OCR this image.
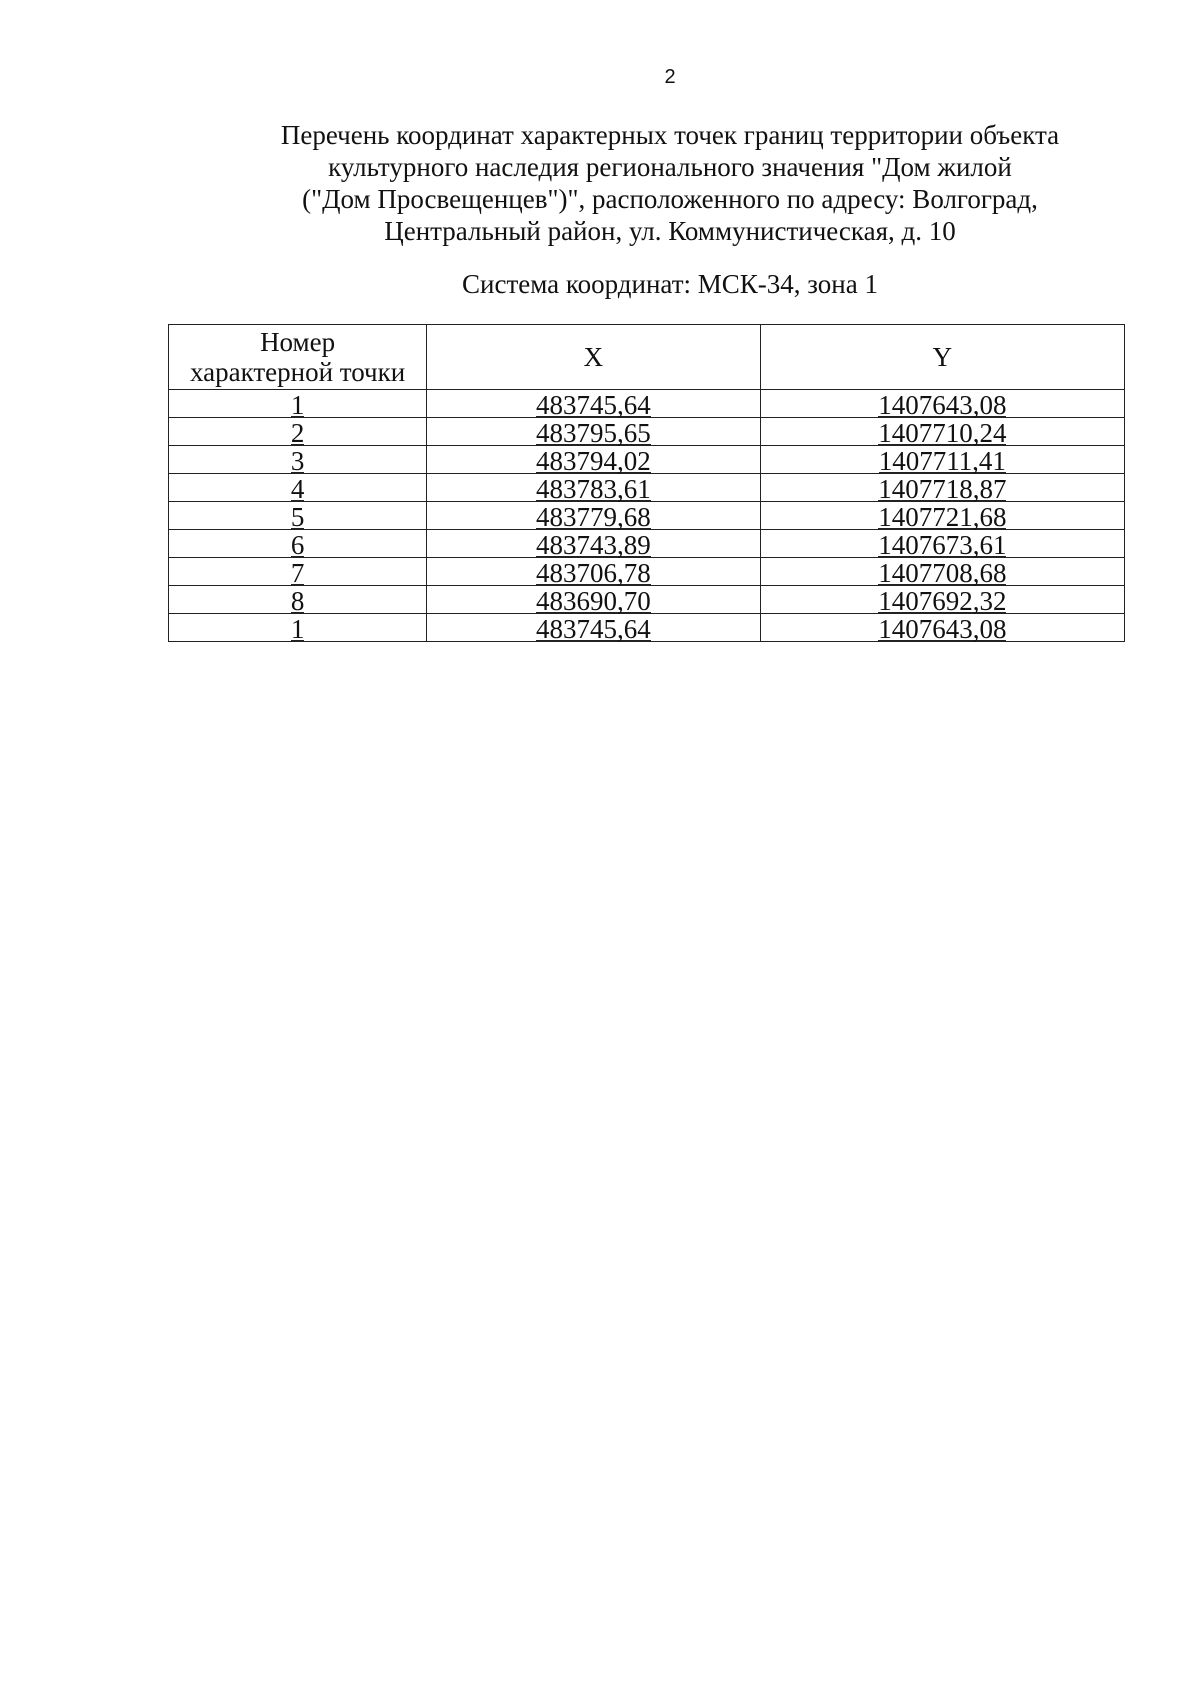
2
Перечень координат характерных точек границ территории объекта
культурного наследия регионального значения "Дом жилой
("Дом Просвещенцев")", расположенного по адресу: Волгоград,
Центральный район, ул. Коммунистическая, д. 10
Система координат: МСК-34, зона 1
Номер
характерной точки	X	Y
1	483745,64	1407643,08
2	483795,65	1407710,24
3	483794,02	1407711,41
4	483783,61	1407718,87
5	483779,68	1407721,68
6	483743,89	1407673,61
7	483706,78	1407708,68
8	483690,70	1407692,32
1	483745,64	1407643,08
